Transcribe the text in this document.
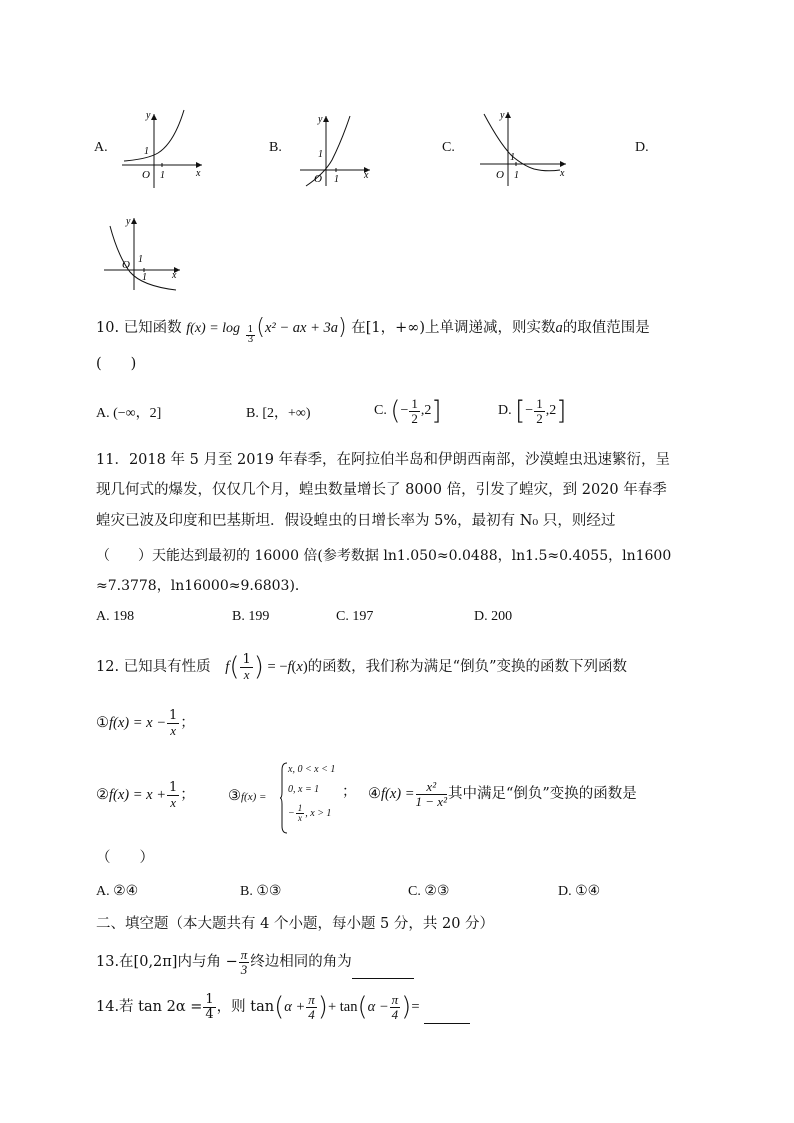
A.
y
1
O 1	x
B.
y
1
O 1	x
C.
y
1
O 1	x
D.
y
1
O
1	x
10. 已知函数 $f(x) = \log \frac{1}{3} (x^2$ − ax + 3a) 在[1，+∞)上单调递减，则实数a的取值范围是
(　　)
A. (−∞，2]	B. [2，+∞)	C. (− $\frac{1}{2} ,2$]	D. [− $\frac{1}{2} ,2$]
11．2018 年 5 月至 2019 年春季，在阿拉伯半岛和伊朗西南部，沙漠蝗虫迅速繁衍，呈
现几何式的爆发，仅仅几个月，蝗虫数量增长了 8000 倍，引发了蝗灾，到 2020 年春季
蝗灾已波及印度和巴基斯坦．假设蝗虫的日增长率为 5%，最初有 N₀ 只，则经过
（　　）天能达到最初的 16000 倍(参考数据 ln1.050≈0.0488，ln1.5≈0.4055，ln1600
≈7.3778，ln16000≈9.6803)．
A. 198	B. 199	C. 197	D. 200
12. 已知具有性质 $f( \frac{1}{x}$ ) = −f(x)的函数，我们称为满足“倒负”变换的函数下列函数
①f(x) = $x - \frac{1}{x}$ ；
②f(x) = $x + \frac{1}{x}$ ； ③f(x) =
x, 0 < x < 1
0, x = 1
− $\frac{1}{x}$ , x > 1
； ④f(x) = $\frac{\text{x²}}{\text{1 − x²}}$ 其中满足“倒负”变换的函数是
（　　）
A. ②④	B. ①③	C. ②③	D. ①④
二、填空题（本大题共有 4 个小题，每小题 5 分，共 20 分）
13.在[0,2π]内与角 − $\frac{\pi}{3}$ 终边相同的角为
14.若 $\tan 2\alpha = \frac{1}{4}$ ，则 $\tan(\alpha + \frac{\pi}{4}$ )+ $\tan(\alpha - \frac{\pi}{4}$ )=
